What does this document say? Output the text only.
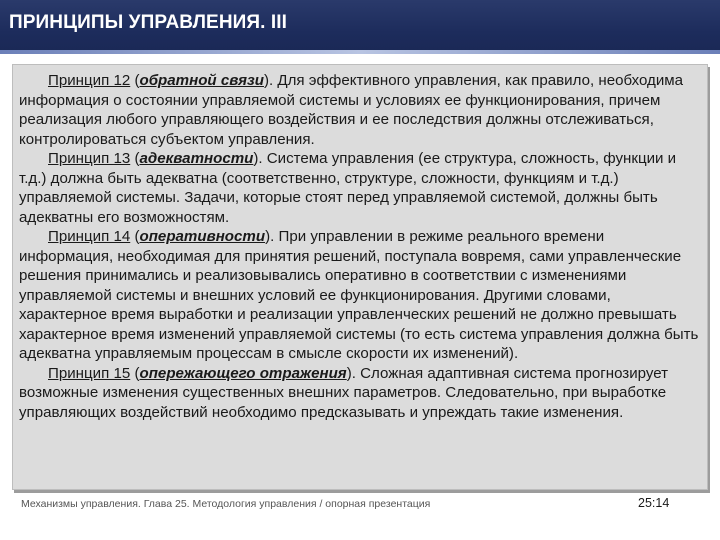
ПРИНЦИПЫ УПРАВЛЕНИЯ. III

Принцип 12 (обратной связи). Для эффективного управления, как правило, необходима информация о состоянии управляемой системы и условиях ее функционирования, причем реализация любого управляющего воздействия и ее последствия должны отслеживаться, контролироваться субъектом управления.

Принцип 13 (адекватности). Система управления (ее структура, сложность, функции и т.д.) должна быть адекватна (соответственно, структуре, сложности, функциям и т.д.) управляемой системы. Задачи, которые стоят перед управляемой системой, должны быть адекватны его возможностям.

Принцип 14 (оперативности). При управлении в режиме реального времени информация, необходимая для принятия решений, поступала вовремя, сами управленческие решения принимались и реализовывались оперативно в соответствии с изменениями управляемой системы и внешних условий ее функционирования. Другими словами, характерное время выработки и реализации управленческих решений не должно превышать характерное время изменений управляемой системы (то есть система управления должна быть адекватна управляемым процессам в смысле скорости их изменений).

Принцип 15 (опережающего отражения). Сложная адаптивная система прогнозирует возможные изменения существенных внешних параметров. Следовательно, при выработке управляющих воздействий необходимо предсказывать и упреждать такие изменения.

Механизмы управления. Глава 25. Методология управления / опорная презентация	25:14
